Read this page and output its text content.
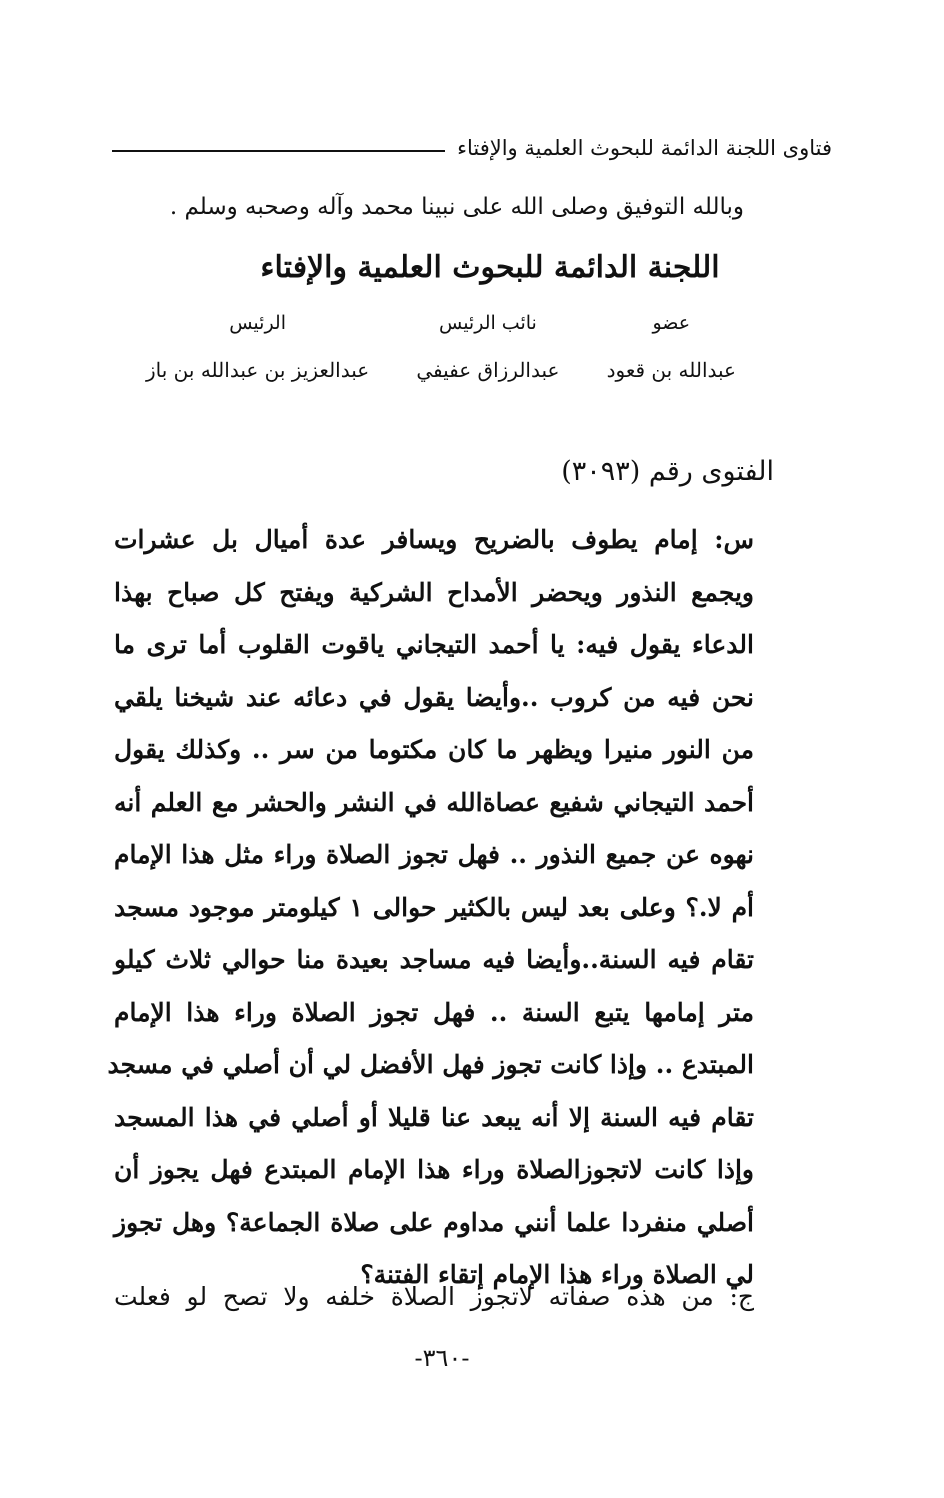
فتاوى اللجنة الدائمة للبحوث العلمية والإفتاء
وبالله التوفيق وصلى الله على نبينا محمد وآله وصحبه وسلم .
اللجنة الدائمة للبحوث العلمية والإفتاء
عضو
عبدالله بن قعود
نائب الرئيس
عبدالرزاق عفيفي
الرئيس
عبدالعزيز بن عبدالله بن باز
الفتوى رقم (٣٠٩٣)
س: إمام يطوف بالضريح ويسافر عدة أميال بل عشرات
ويجمع النذور ويحضر الأمداح الشركية ويفتح كل صباح بهذا
الدعاء يقول فيه: يا أحمد التيجاني ياقوت القلوب أما ترى ما
نحن فيه من كروب ..وأيضا يقول في دعائه عند شيخنا يلقي
من النور منيرا ويظهر ما كان مكتوما من سر .. وكذلك يقول
أحمد التيجاني شفيع عصاةالله في النشر والحشر مع العلم أنه
نهوه عن جميع النذور .. فهل تجوز الصلاة وراء مثل هذا الإمام
أم لا.؟ وعلى بعد ليس بالكثير حوالى ١ كيلومتر موجود مسجد
تقام فيه السنة..وأيضا فيه مساجد بعيدة منا حوالي ثلاث كيلو
متر إمامها يتبع السنة .. فهل تجوز الصلاة وراء هذا الإمام
المبتدع .. وإذا كانت تجوز فهل الأفضل لي أن أصلي في مسجد
تقام فيه السنة إلا أنه يبعد عنا قليلا أو أصلي في هذا المسجد
وإذا كانت لاتجوزالصلاة وراء هذا الإمام المبتدع فهل يجوز أن
أصلي منفردا علما أنني مداوم على صلاة الجماعة؟ وهل تجوز
لي الصلاة وراء هذا الإمام إتقاء الفتنة؟
ج: من هذه صفاته لاتجوز الصلاة خلفه ولا تصح لو فعلت
-٣٦٠-
